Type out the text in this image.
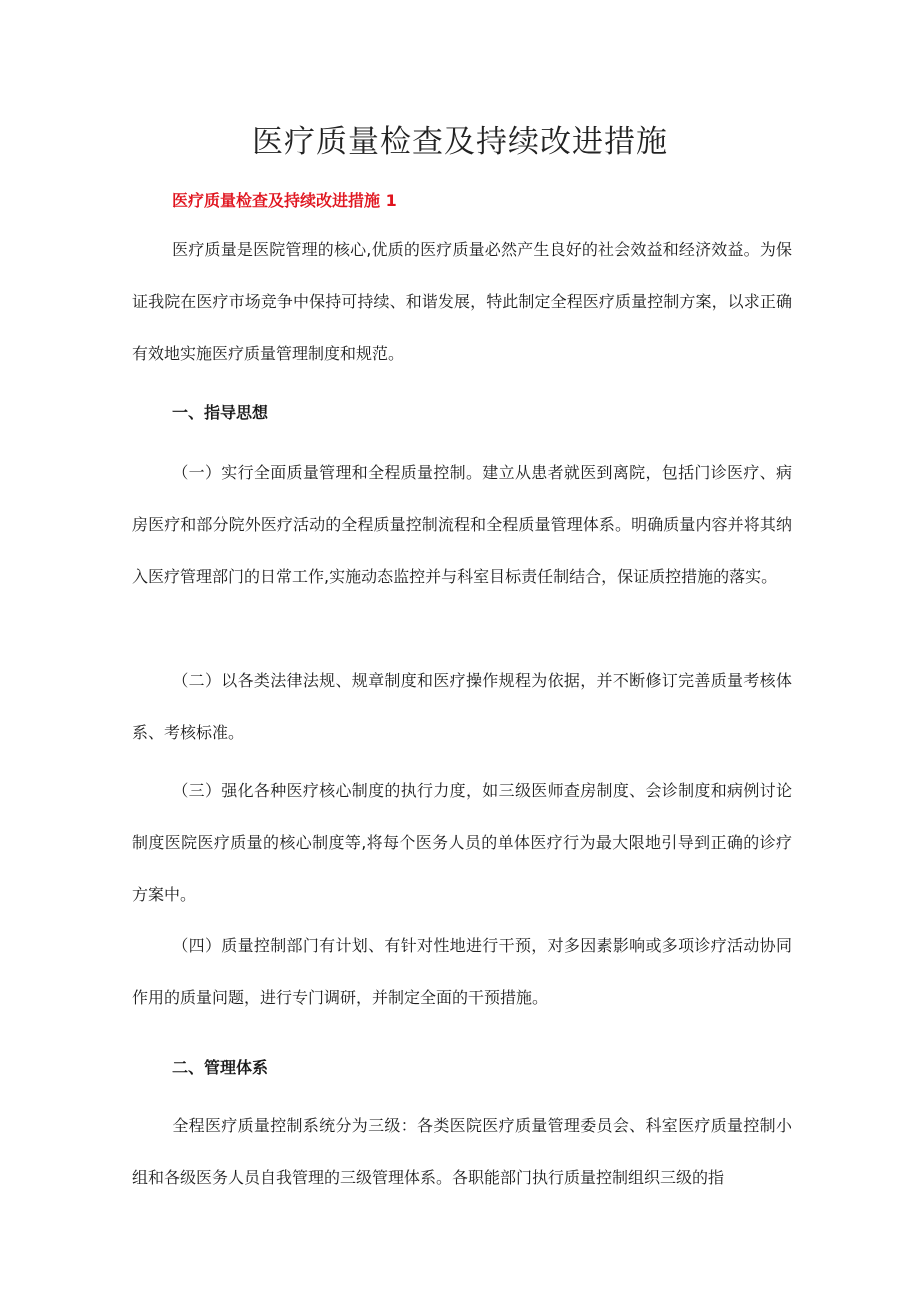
医疗质量检查及持续改进措施
医疗质量检查及持续改进措施 1

医疗质量是医院管理的核心,优质的医疗质量必然产生良好的社会效益和经济效益。为保证我院在医疗市场竞争中保持可持续、和谐发展，特此制定全程医疗质量控制方案，以求正确有效地实施医疗质量管理制度和规范。

一、指导思想

（一）实行全面质量管理和全程质量控制。建立从患者就医到离院，包括门诊医疗、病房医疗和部分院外医疗活动的全程质量控制流程和全程质量管理体系。明确质量内容并将其纳入医疗管理部门的日常工作,实施动态监控并与科室目标责任制结合，保证质控措施的落实。

（二）以各类法律法规、规章制度和医疗操作规程为依据，并不断修订完善质量考核体系、考核标准。

（三）强化各种医疗核心制度的执行力度，如三级医师查房制度、会诊制度和病例讨论制度医院医疗质量的核心制度等,将每个医务人员的单体医疗行为最大限地引导到正确的诊疗方案中。

（四）质量控制部门有计划、有针对性地进行干预，对多因素影响或多项诊疗活动协同作用的质量问题，进行专门调研，并制定全面的干预措施。

二、管理体系

全程医疗质量控制系统分为三级：各类医院医疗质量管理委员会、科室医疗质量控制小组和各级医务人员自我管理的三级管理体系。各职能部门执行质量控制组织三级的指
